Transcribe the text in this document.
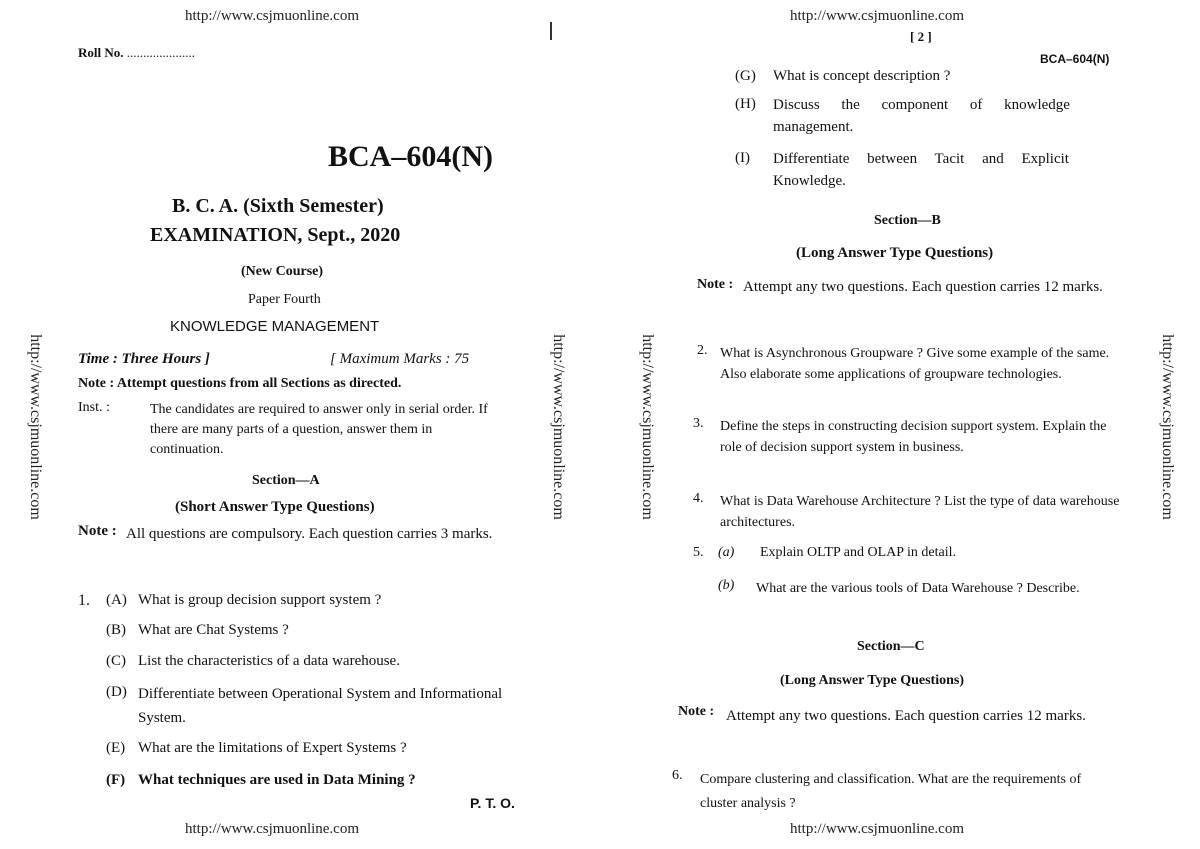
http://www.csjmuonline.com
Roll No. .....................
BCA–604(N)
B. C. A. (Sixth Semester)
EXAMINATION, Sept., 2020
(New Course)
Paper Fourth
KNOWLEDGE MANAGEMENT
Time : Three Hours ]	[ Maximum Marks : 75
Note : Attempt questions from all Sections as directed.
Inst. :	The candidates are required to answer only in serial order. If there are many parts of a question, answer them in continuation.
Section—A
(Short Answer Type Questions)
Note : All questions are compulsory. Each question carries 3 marks.
1. (A) What is group decision support system ?
(B) What are Chat Systems ?
(C) List the characteristics of a data warehouse.
(D) Differentiate between Operational System and Informational System.
(E) What are the limitations of Expert Systems ?
(F) What techniques are used in Data Mining ?
P. T. O.
http://www.csjmuonline.com
http://www.csjmuonline.com	http://www.csjmuonline.com
http://www.csjmuonline.com
[ 2 ]
BCA–604(N)
(G) What is concept description ?
(H)	Discuss the component of knowledge management.
(I)	Differentiate between Tacit and Explicit Knowledge.
Section—B
(Long Answer Type Questions)
Note : Attempt any two questions. Each question carries 12 marks.
2. What is Asynchronous Groupware ? Give some example of the same. Also elaborate some applications of groupware technologies.
3. Define the steps in constructing decision support system. Explain the role of decision support system in business.
4. What is Data Warehouse Architecture ? List the type of data warehouse architectures.
5. (a) Explain OLTP and OLAP in detail.
(b) What are the various tools of Data Warehouse ? Describe.
Section—C
(Long Answer Type Questions)
Note : Attempt any two questions. Each question carries 12 marks.
6. Compare clustering and classification. What are the requirements of cluster analysis ?
http://www.csjmuonline.com
http://www.csjmuonline.com	http://www.csjmuonline.com
